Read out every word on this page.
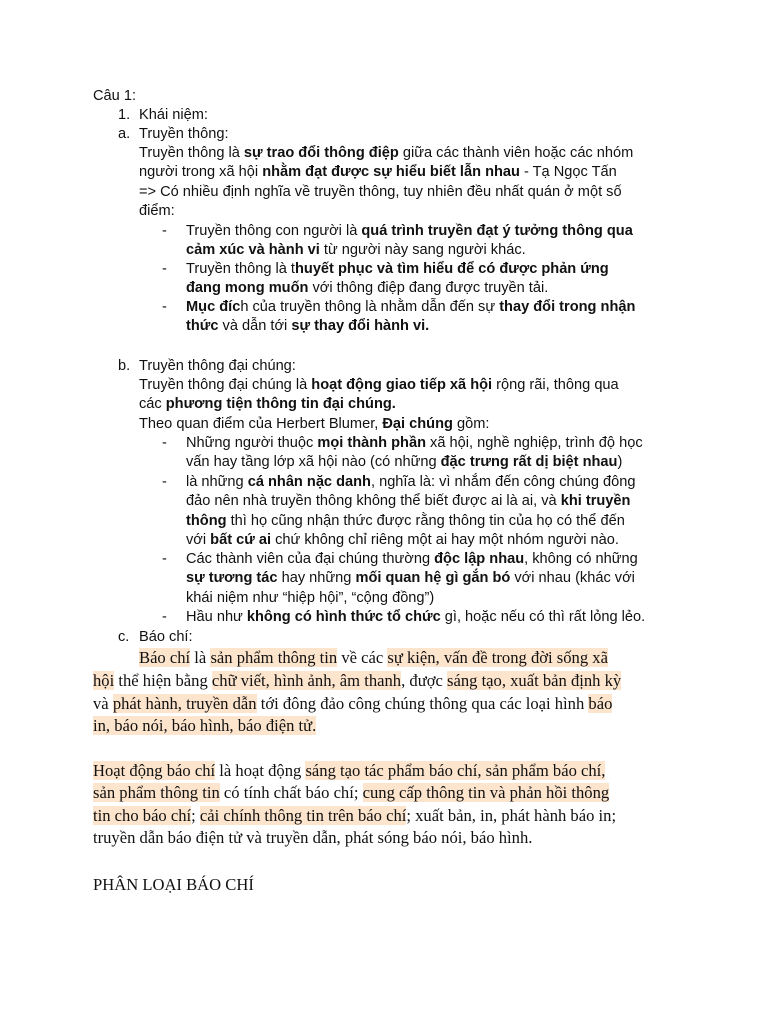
Câu 1:
1. Khái niệm:
a. Truyền thông:
Truyền thông là sự trao đổi thông điệp giữa các thành viên hoặc các nhóm
người trong xã hội nhằm đạt được sự hiểu biết lẫn nhau - Tạ Ngọc Tấn
=> Có nhiều định nghĩa về truyền thông, tuy nhiên đều nhất quán ở một số
điểm:
- Truyền thông con người là quá trình truyền đạt ý tưởng thông qua
cảm xúc và hành vi từ người này sang người khác.
- Truyền thông là thuyết phục và tìm hiểu để có được phản ứng
đang mong muốn với thông điệp đang được truyền tải.
- Mục đích của truyền thông là nhằm dẫn đến sự thay đổi trong nhận
thức và dẫn tới sự thay đổi hành vi.
b. Truyền thông đại chúng:
Truyền thông đại chúng là hoạt động giao tiếp xã hội rộng rãi, thông qua
các phương tiện thông tin đại chúng.
Theo quan điểm của Herbert Blumer, Đại chúng gồm:
- Những người thuộc mọi thành phần xã hội, nghề nghiệp, trình độ học
vấn hay tầng lớp xã hội nào (có những đặc trưng rất dị biệt nhau)
- là những cá nhân nặc danh, nghĩa là: vì nhắm đến công chúng đông
đảo nên nhà truyền thông không thể biết được ai là ai, và khi truyền
thông thì họ cũng nhận thức được rằng thông tin của họ có thể đến
với bất cứ ai chứ không chỉ riêng một ai hay một nhóm người nào.
- Các thành viên của đại chúng thường độc lập nhau, không có những
sự tương tác hay những mối quan hệ gì gắn bó với nhau (khác với
khái niệm như “hiệp hội”, “cộng đồng”)
- Hầu như không có hình thức tổ chức gì, hoặc nếu có thì rất lỏng lẻo.
c. Báo chí:
Báo chí là sản phẩm thông tin về các sự kiện, vấn đề trong đời sống xã
hội thể hiện bằng chữ viết, hình ảnh, âm thanh, được sáng tạo, xuất bản định kỳ
và phát hành, truyền dẫn tới đông đảo công chúng thông qua các loại hình báo
in, báo nói, báo hình, báo điện tử.
Hoạt động báo chí là hoạt động sáng tạo tác phẩm báo chí, sản phẩm báo chí,
sản phẩm thông tin có tính chất báo chí; cung cấp thông tin và phản hồi thông
tin cho báo chí; cải chính thông tin trên báo chí; xuất bản, in, phát hành báo in;
truyền dẫn báo điện tử và truyền dẫn, phát sóng báo nói, báo hình.
PHÂN LOẠI BÁO CHÍ
